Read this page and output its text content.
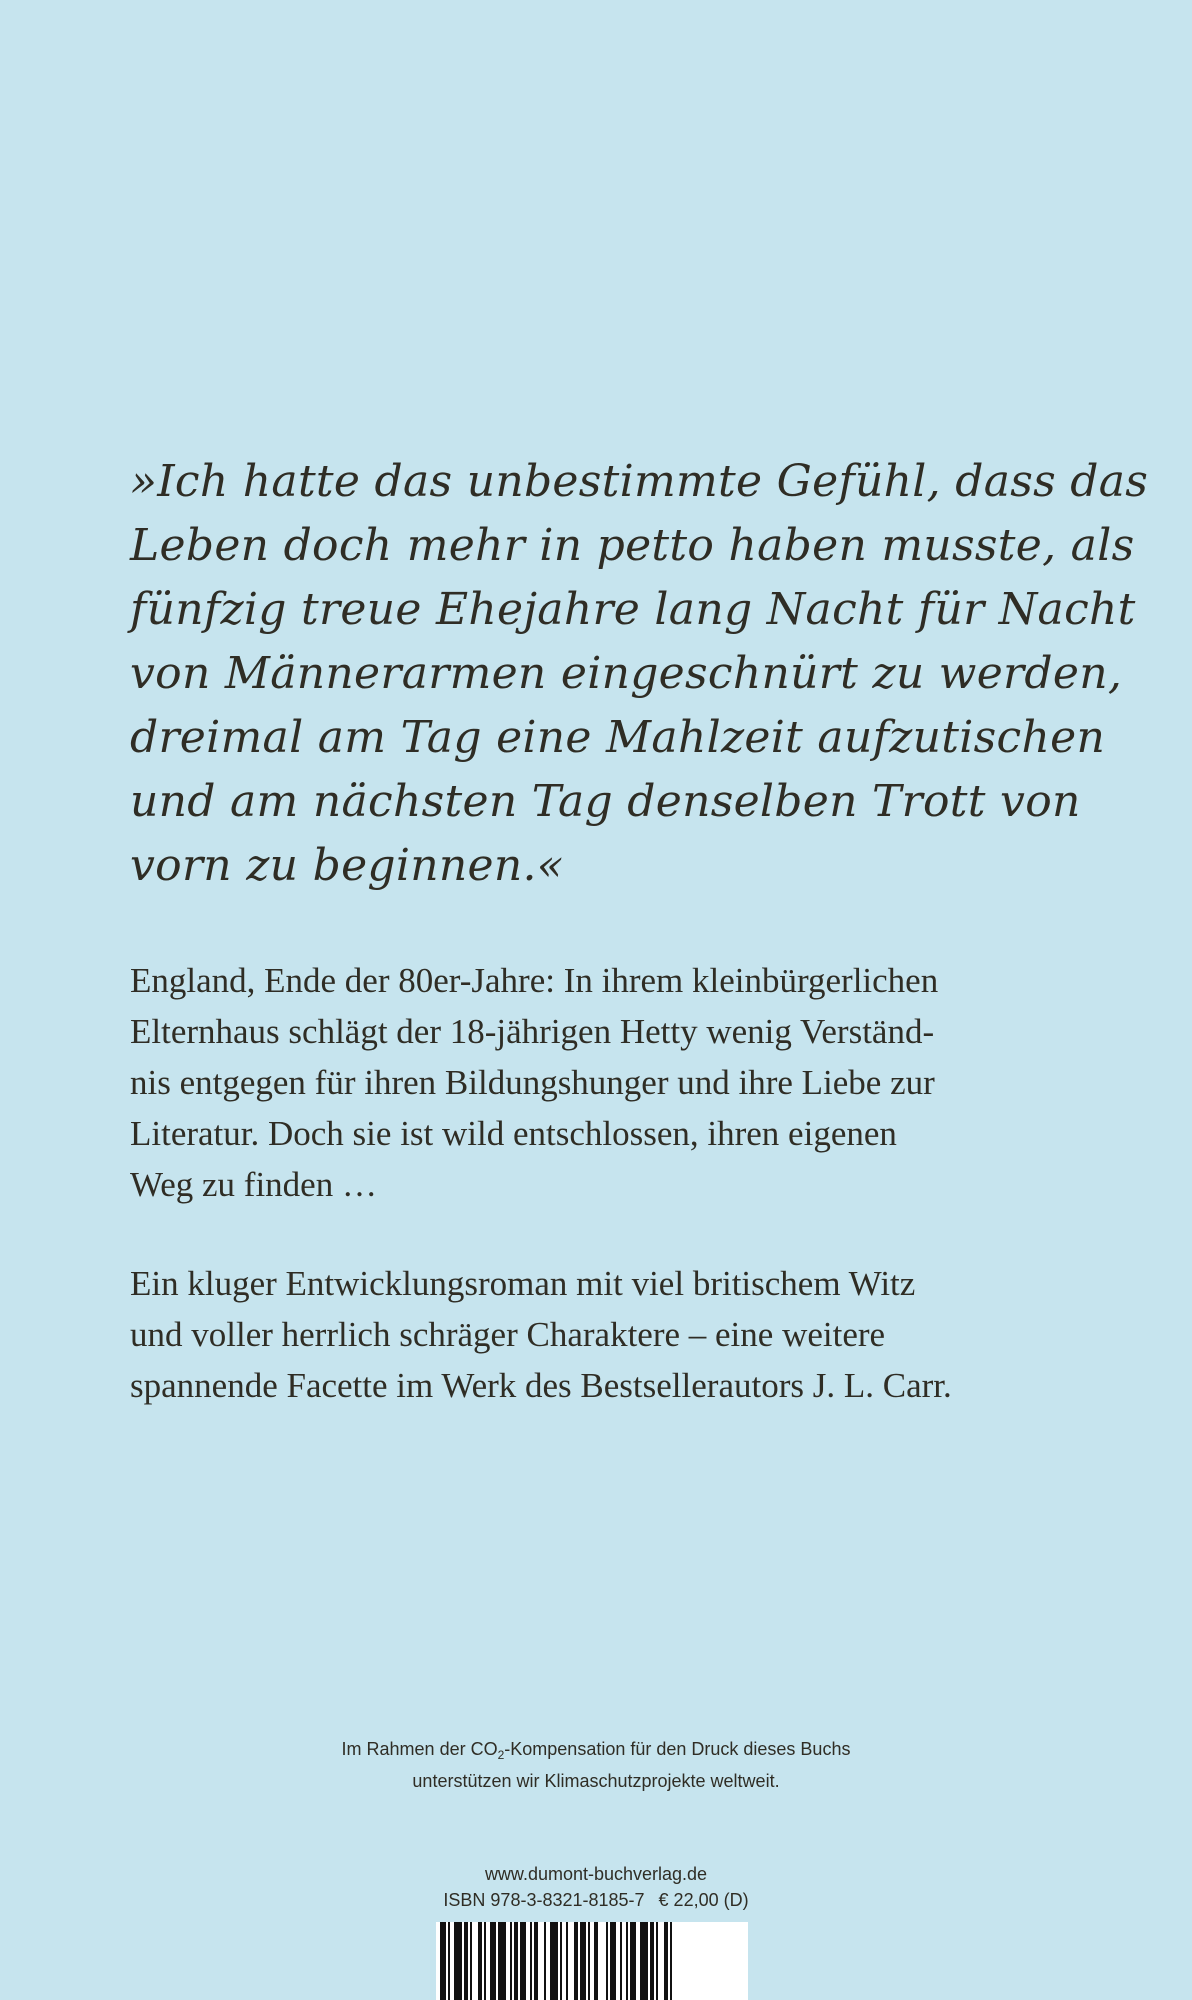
»Ich hatte das unbestimmte Gefühl, dass das
Leben doch mehr in petto haben musste, als
fünfzig treue Ehejahre lang Nacht für Nacht
von Männerarmen eingeschnürt zu werden,
dreimal am Tag eine Mahlzeit aufzutischen
und am nächsten Tag denselben Trott von
vorn zu beginnen.«
England, Ende der 80er-Jahre: In ihrem kleinbürgerlichen
Elternhaus schlägt der 18-jährigen Hetty wenig Verständ-
nis entgegen für ihren Bildungshunger und ihre Liebe zur
Literatur. Doch sie ist wild entschlossen, ihren eigenen
Weg zu finden …
Ein kluger Entwicklungsroman mit viel britischem Witz
und voller herrlich schräger Charaktere – eine weitere
spannende Facette im Werk des Bestsellerautors J. L. Carr.
Im Rahmen der $CO_2$-Kompensation für den Druck dieses Buchs
unterstützen wir Klimaschutzprojekte weltweit.
www.dumont-buchverlag.de
ISBN 978-3-8321-8185-7 € 22,00 (D)
